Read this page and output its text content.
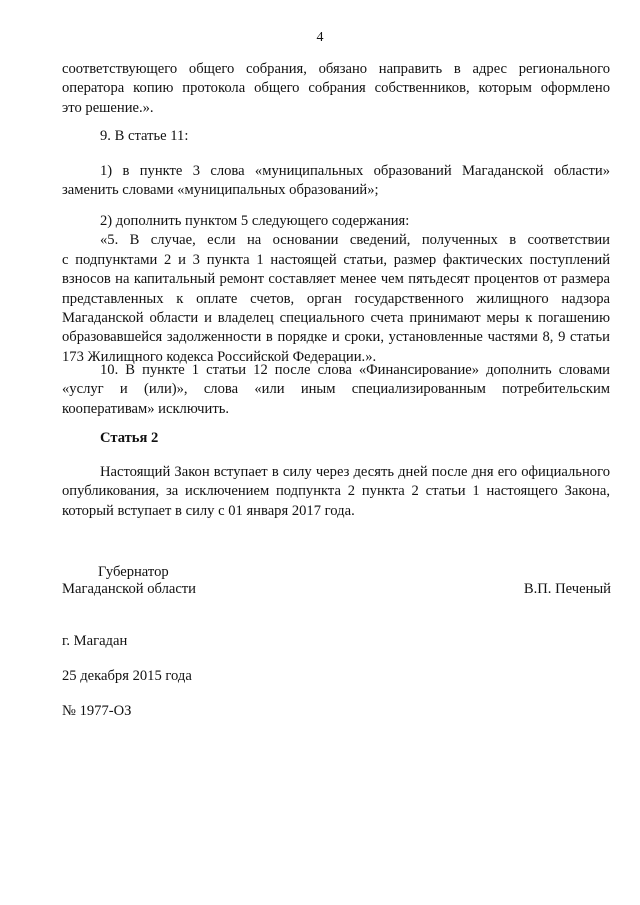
4
соответствующего общего собрания, обязано направить в адрес регионального
оператора копию протокола общего собрания собственников, которым оформлено
это решение.».
9. В статье 11:
1) в пункте 3 слова «муниципальных образований Магаданской области»
заменить словами «муниципальных образований»;
2) дополнить пунктом 5 следующего содержания:
«5. В случае, если на основании сведений, полученных в соответствии
с подпунктами 2 и 3 пункта 1 настоящей статьи, размер фактических поступлений
взносов на капитальный ремонт составляет менее чем пятьдесят процентов от размера
представленных к оплате счетов, орган государственного жилищного надзора
Магаданской области и владелец специального счета принимают меры к погашению
образовавшейся задолженности в порядке и сроки, установленные частями 8, 9 статьи
173 Жилищного кодекса Российской Федерации.».
10. В пункте 1 статьи 12 после слова «Финансирование» дополнить словами
«услуг и (или)», слова «или иным специализированным потребительским
кооперативам» исключить.
Статья 2
Настоящий Закон вступает в силу через десять дней после дня его официального
опубликования, за исключением подпункта 2 пункта 2 статьи 1 настоящего Закона,
который вступает в силу с 01 января 2017 года.
Губернатор
Магаданской области	В.П. Печеный
г. Магадан
25 декабря 2015 года
№ 1977-ОЗ
